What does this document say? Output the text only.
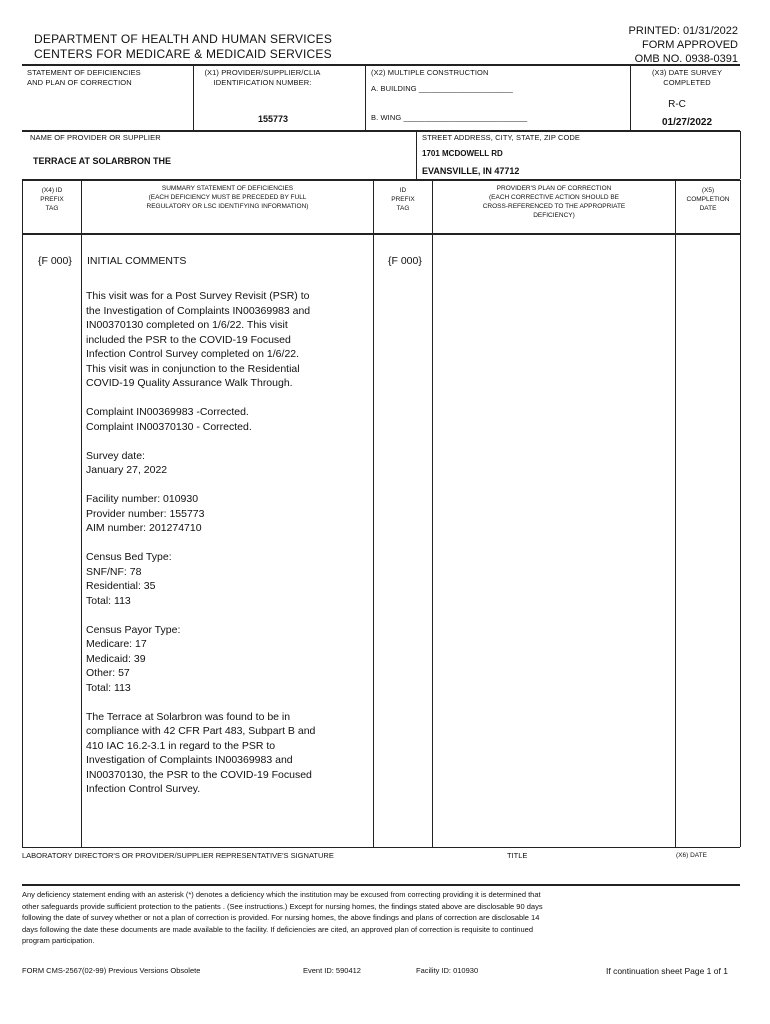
DEPARTMENT OF HEALTH AND HUMAN SERVICES
CENTERS FOR MEDICARE & MEDICAID SERVICES
PRINTED: 01/31/2022
FORM APPROVED
OMB NO. 0938-0391
STATEMENT OF DEFICIENCIES
AND PLAN OF CORRECTION
(X1) PROVIDER/SUPPLIER/CLIA
IDENTIFICATION NUMBER:
155773
(X2) MULTIPLE CONSTRUCTION
A. BUILDING ______________________
B. WING _____________________________
(X3) DATE SURVEY
COMPLETED
R-C
01/27/2022
NAME OF PROVIDER OR SUPPLIER
TERRACE AT SOLARBRON THE
STREET ADDRESS, CITY, STATE, ZIP CODE
1701 MCDOWELL RD
EVANSVILLE, IN 47712
(X4) ID
PREFIX
TAG
SUMMARY STATEMENT OF DEFICIENCIES
(EACH DEFICIENCY MUST BE PRECEDED BY FULL
REGULATORY OR LSC IDENTIFYING INFORMATION)
ID
PREFIX
TAG
PROVIDER'S PLAN OF CORRECTION
(EACH CORRECTIVE ACTION SHOULD BE
CROSS-REFERENCED TO THE APPROPRIATE
DEFICIENCY)
(X5)
COMPLETION
DATE
{F 000} INITIAL COMMENTS	{F 000}
This visit was for a Post Survey Revisit (PSR) to
the Investigation of Complaints IN00369983 and
IN00370130 completed on 1/6/22. This visit
included the PSR to the COVID-19 Focused
Infection Control Survey completed on 1/6/22.
This visit was in conjunction to the Residential
COVID-19 Quality Assurance Walk Through.
Complaint IN00369983 -Corrected.
Complaint IN00370130 - Corrected.
Survey date:
January 27, 2022
Facility number: 010930
Provider number: 155773
AIM number: 201274710
Census Bed Type:
SNF/NF: 78
Residential: 35
Total: 113
Census Payor Type:
Medicare: 17
Medicaid: 39
Other: 57
Total: 113
The Terrace at Solarbron was found to be in
compliance with 42 CFR Part 483, Subpart B and
410 IAC 16.2-3.1 in regard to the PSR to
Investigation of Complaints IN00369983 and
IN00370130, the PSR to the COVID-19 Focused
Infection Control Survey.
LABORATORY DIRECTOR'S OR PROVIDER/SUPPLIER REPRESENTATIVE'S SIGNATURE	TITLE	(X6) DATE
Any deficiency statement ending with an asterisk (*) denotes a deficiency which the institution may be excused from correcting providing it is determined that
other safeguards provide sufficient protection to the patients . (See instructions.) Except for nursing homes, the findings stated above are disclosable 90 days
following the date of survey whether or not a plan of correction is provided. For nursing homes, the above findings and plans of correction are disclosable 14
days following the date these documents are made available to the facility. If deficiencies are cited, an approved plan of correction is requisite to continued
program participation.
FORM CMS-2567(02-99) Previous Versions Obsolete	Event ID: 590412	Facility ID: 010930	If continuation sheet Page 1 of 1
